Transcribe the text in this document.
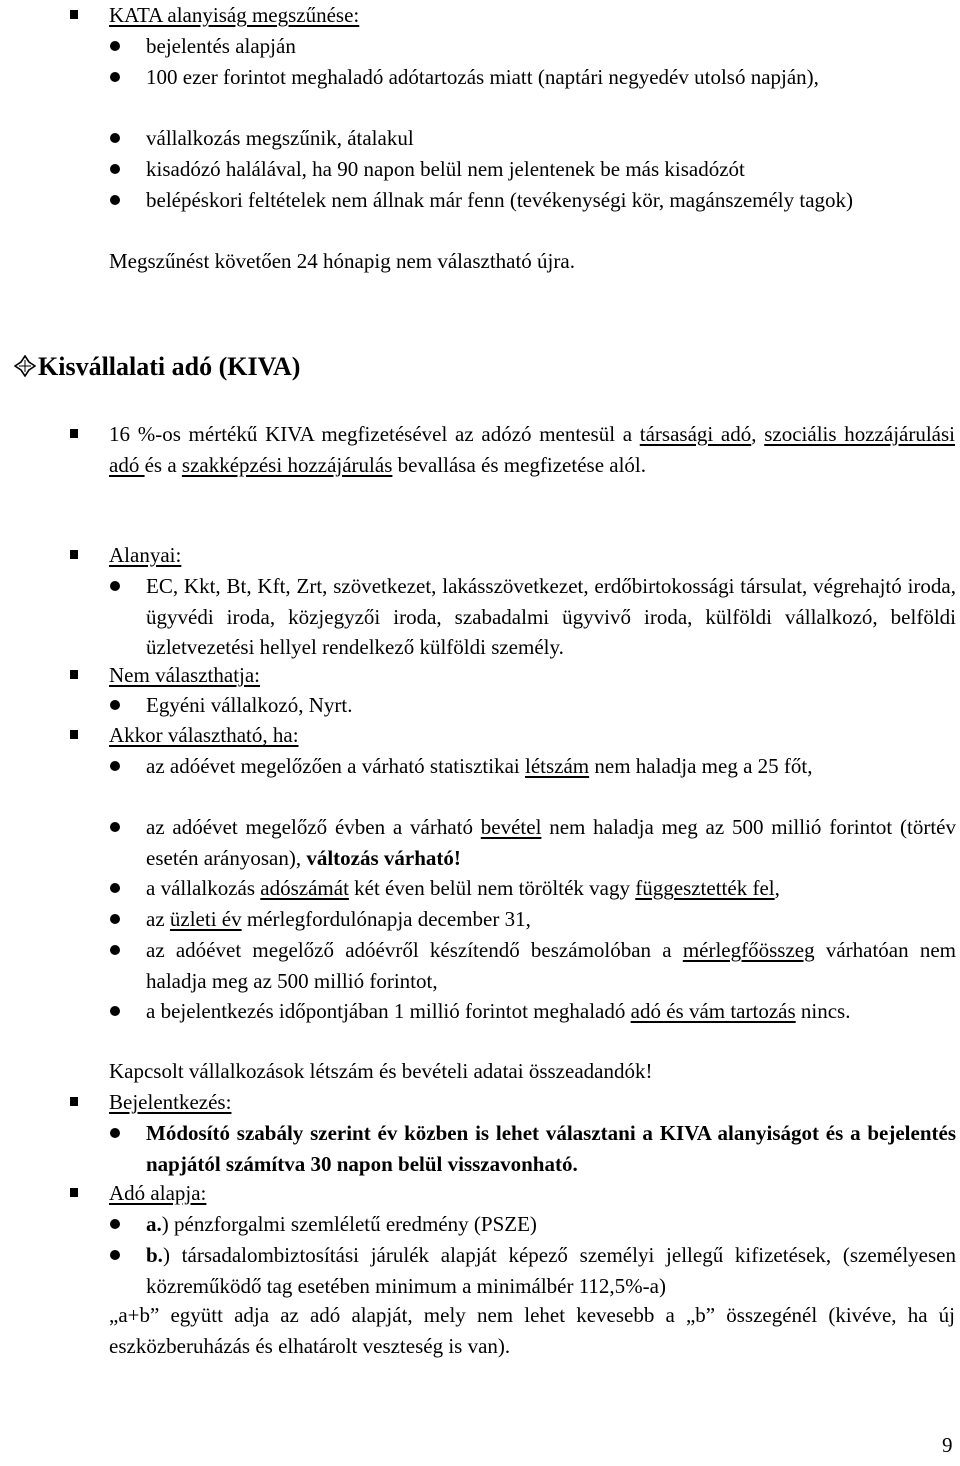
KATA alanyiság megszűnése:
bejelentés alapján
100 ezer forintot meghaladó adótartozás miatt (naptári negyedév utolsó napján),
vállalkozás megszűnik, átalakul
kisadózó halálával, ha 90 napon belül nem jelentenek be más kisadózót
belépéskori feltételek nem állnak már fenn (tevékenységi kör, magánszemély tagok)
Megszűnést követően 24 hónapig nem választható újra.
Kisvállalati adó (KIVA)
16 %-os mértékű KIVA megfizetésével az adózó mentesül a társasági adó, szociális hozzájárulási adó és a szakképzési hozzájárulás bevallása és megfizetése alól.
Alanyai:
EC, Kkt, Bt, Kft, Zrt, szövetkezet, lakásszövetkezet, erdőbirtokossági társulat, végrehajtó iroda, ügyvédi iroda, közjegyzői iroda, szabadalmi ügyvivő iroda, külföldi vállalkozó, belföldi üzletvezetési hellyel rendelkező külföldi személy.
Nem választhatja:
Egyéni vállalkozó, Nyrt.
Akkor választható, ha:
az adóévet megelőzően a várható statisztikai létszám nem haladja meg a 25 főt,
az adóévet megelőző évben a várható bevétel nem haladja meg az 500 millió forintot (törtév esetén arányosan), változás várható!
a vállalkozás adószámát két éven belül nem törölték vagy függesztették fel,
az üzleti év mérlegfordulónapja december 31,
az adóévet megelőző adóévről készítendő beszámolóban a mérlegfőösszeg várhatóan nem haladja meg az 500 millió forintot,
a bejelentkezés időpontjában 1 millió forintot meghaladó adó és vám tartozás nincs.
Kapcsolt vállalkozások létszám és bevételi adatai összeadandók!
Bejelentkezés:
Módosító szabály szerint év közben is lehet választani a KIVA alanyiságot és a bejelentés napjától számítva 30 napon belül visszavonható.
Adó alapja:
a.) pénzforgalmi szemléletű eredmény (PSZE)
b.) társadalombiztosítási járulék alapját képező személyi jellegű kifizetések, (személyesen közreműködő tag esetében minimum a minimálbér 112,5%-a)
„a+b” együtt adja az adó alapját, mely nem lehet kevesebb a „b” összegénél (kivéve, ha új eszközberuházás és elhatárolt veszteség is van).
9
